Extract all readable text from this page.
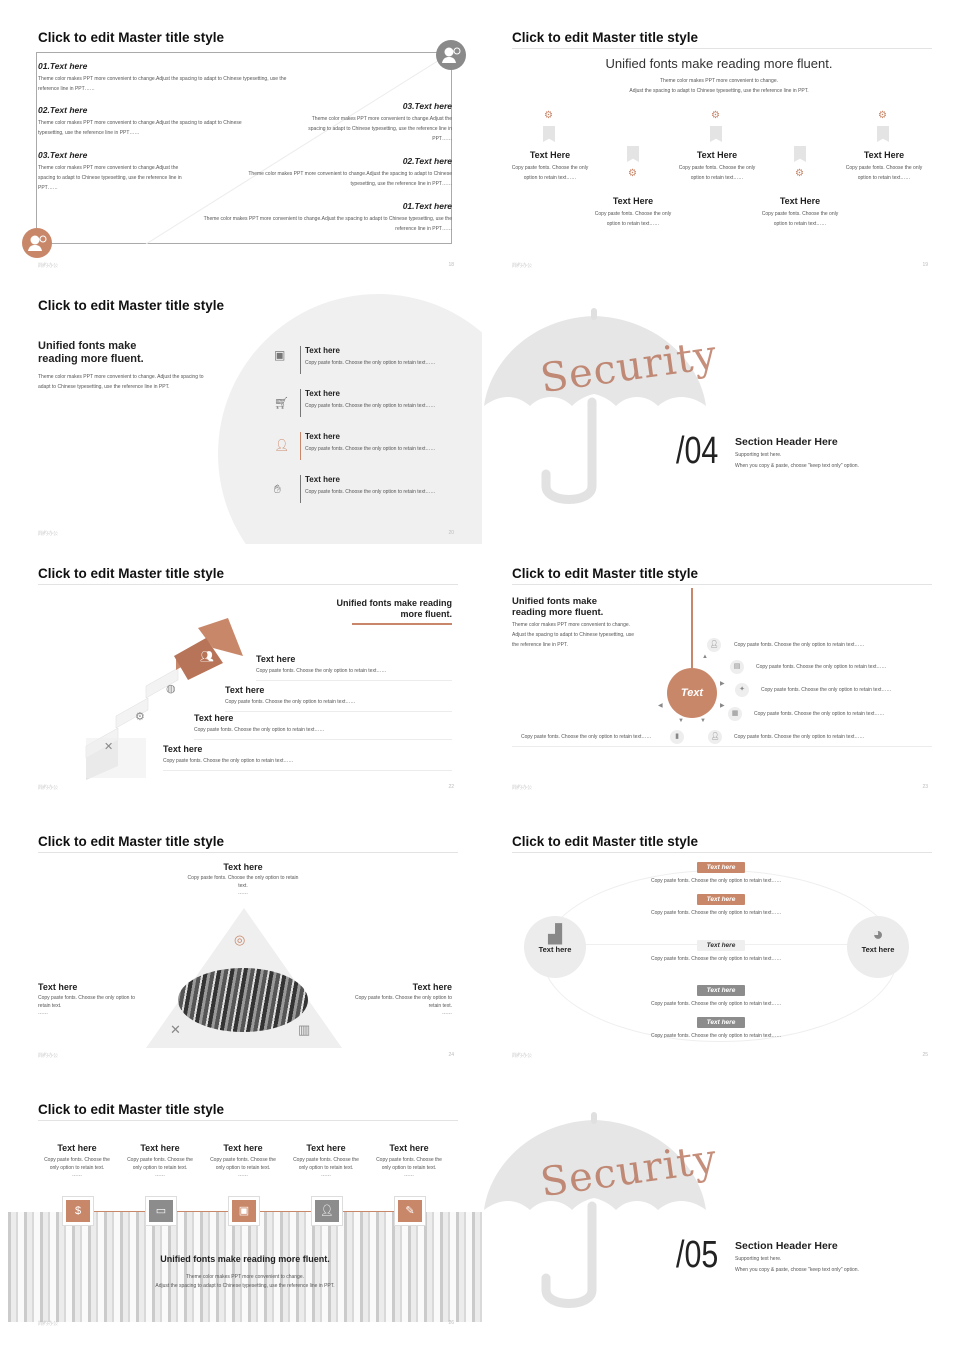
Click to edit Master title style
01.Text here
Theme color makes PPT more convenient to change.Adjust the spacing to adapt to Chinese typesetting, use the reference line in PPT……
02.Text here
Theme color makes PPT more convenient to change.Adjust the spacing to adapt to Chinese typesetting, use the reference line in PPT……
03.Text here
Theme color makes PPT more convenient to change.Adjust the spacing to adapt to Chinese typesetting, use the reference line in PPT……
03.Text here
Theme color makes PPT more convenient to change.Adjust the spacing to adapt to Chinese typesetting, use the reference line in PPT……
02.Text here
Theme color makes PPT more convenient to change.Adjust the spacing to adapt to Chinese typesetting, use the reference line in PPT……
01.Text here
Theme color makes PPT more convenient to change.Adjust the spacing to adapt to Chinese typesetting, use the reference line in PPT……
简约办公	18
Click to edit Master title style
Unified fonts make reading more fluent.
Theme color makes PPT more convenient to change.
Adjust the spacing to adapt to Chinese typesetting, use the reference line in PPT.
⚙	⚙	⚙
⚙	⚙
Text Here
Copy paste fonts. Choose the only option to retain text……
Text Here
Copy paste fonts. Choose the only option to retain text……
Text Here
Copy paste fonts. Choose the only option to retain text……
Text Here
Copy paste fonts. Choose the only option to retain text……
Text Here
Copy paste fonts. Choose the only option to retain text……
简约办公	19
Click to edit Master title style
Unified fonts make reading more fluent.
Theme color makes PPT more convenient to change. Adjust the spacing to adapt to Chinese typesetting, use the reference line in PPT.
▣
🛒︎
👤︎
✋︎
Text here
Copy paste fonts. Choose the only option to retain text……
Text here
Copy paste fonts. Choose the only option to retain text……
Text here
Copy paste fonts. Choose the only option to retain text……
Text here
Copy paste fonts. Choose the only option to retain text……
简约办公	20
Security
/04 Section Header Here
Supporting text here.
When you copy & paste, choose "keep text only" option.
Click to edit Master title style
Unified fonts make reading more fluent.
✕
⚙
◍
👥︎	Text here
Copy paste fonts. Choose the only option to retain text……
Text here
Copy paste fonts. Choose the only option to retain text……
Text here
Copy paste fonts. Choose the only option to retain text……
Text here
Copy paste fonts. Choose the only option to retain text……
简约办公	22
Click to edit Master title style
Unified fonts make reading more fluent.
Theme color makes PPT more convenient to change. Adjust the spacing to adapt to Chinese typesetting, use the reference line in PPT.
Text
▲
▶
▶
▼
▼
◀
👤︎
▤
✦
▦
👤︎
▮
Copy paste fonts. Choose the only option to retain text……
Copy paste fonts. Choose the only option to retain text……
Copy paste fonts. Choose the only option to retain text……
Copy paste fonts. Choose the only option to retain text……
Copy paste fonts. Choose the only option to retain text……
Copy paste fonts. Choose the only option to retain text……
简约办公	23
Click to edit Master title style
Text here
Copy paste fonts. Choose the only option to retain text.
……
◎
✕	▥
Text here
Copy paste fonts. Choose the only option to retain text.
……
Text here
Copy paste fonts. Choose the only option to retain text.
……
简约办公	24
Click to edit Master title style
▟
Text here
◕
Text here
Text here
Copy paste fonts. Choose the only option to retain text……
Text here
Copy paste fonts. Choose the only option to retain text……
Text here
Copy paste fonts. Choose the only option to retain text……
Text here
Copy paste fonts. Choose the only option to retain text……
Text here
Copy paste fonts. Choose the only option to retain text……
简约办公	25
Click to edit Master title style
Text here
Copy paste fonts. Choose the only option to retain text.
……
Text here
Copy paste fonts. Choose the only option to retain text.
……
Text here
Copy paste fonts. Choose the only option to retain text.
……
Text here
Copy paste fonts. Choose the only option to retain text.
……
Text here
Copy paste fonts. Choose the only option to retain text.
……
$	▭	▣	👤︎	✎
Unified fonts make reading more fluent.
Theme color makes PPT more convenient to change.
Adjust the spacing to adapt to Chinese typesetting, use the reference line in PPT.
简约办公	26
Security
/05 Section Header Here
Supporting text here.
When you copy & paste, choose "keep text only" option.
